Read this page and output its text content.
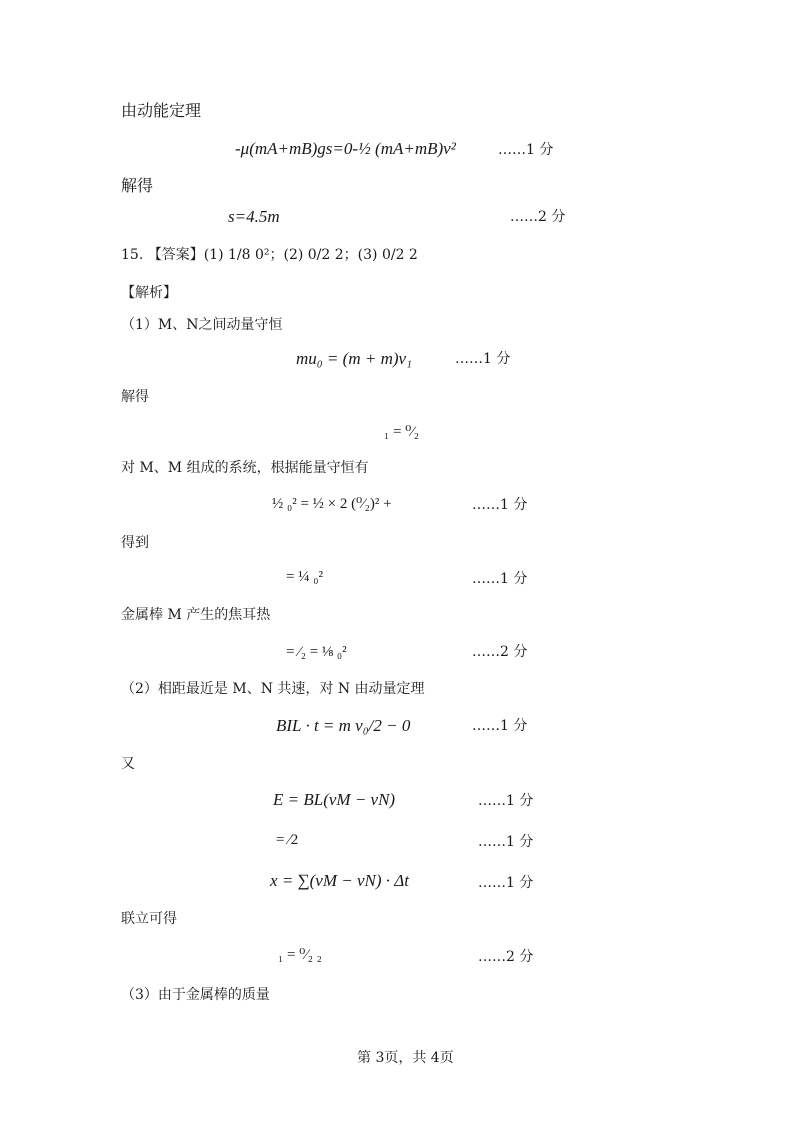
由动能定理
-μ(mA+mB)gs=0-½ (mA+mB)v²	……1 分
解得
s=4.5m	……2 分
15. 【答案】(1) 1/8 0²；(2) 0/2 2；(3) 0/2 2
【解析】
（1）M、N之间动量守恒
mu₀ = (m + m)v₁	……1 分
解得
₁ = ⁰⁄₂
对 M、M 组成的系统，根据能量守恒有
½ ₀² = ½ × 2 (⁰⁄₂)² +	……1 分
得到
= ¼ ₀²	……1 分
金属棒 M 产生的焦耳热
= ⁄₂ = ⅛ ₀²	……2 分
（2）相距最近是 M、N 共速，对 N 由动量定理
BIL · t = m v₀/2 − 0	……1 分
又
E = BL(vM − vN)	……1 分
= ⁄2	……1 分
x = ∑(vM − vN) · Δt	……1 分
联立可得
₁ = ⁰⁄₂ ₂	……2 分
（3）由于金属棒的质量
第 3页，共 4页
